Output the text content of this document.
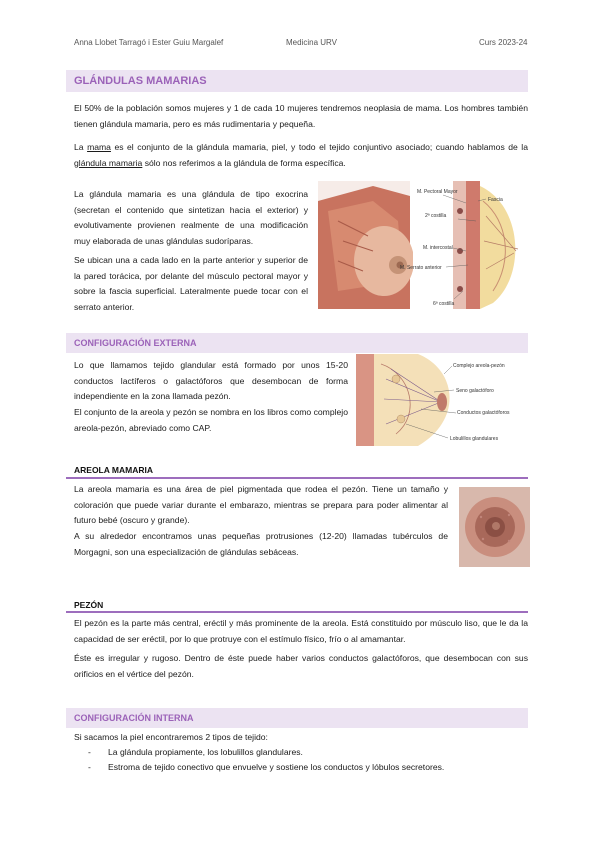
Anna Llobet Tarragó i Ester Guiu Margalef	Medicina URV	Curs 2023-24
GLÁNDULAS MAMARIAS
El 50% de la población somos mujeres y 1 de cada 10 mujeres tendremos neoplasia de mama. Los hombres también tienen glándula mamaria, pero es más rudimentaria y pequeña.
La mama es el conjunto de la glándula mamaria, piel, y todo el tejido conjuntivo asociado; cuando hablamos de la glándula mamaria sólo nos referimos a la glándula de forma específica.
La glándula mamaria es una glándula de tipo exocrina (secretan el contenido que sintetizan hacia el exterior) y evolutivamente provienen realmente de una modificación muy elaborada de unas glándulas sudoríparas.
Se ubican una a cada lado en la parte anterior y superior de la pared torácica, por delante del músculo pectoral mayor y sobre la fascia superficial. Lateralmente puede tocar con el serrato anterior.
M. Pectoral Mayor
Fascia
2ª costilla
M. intercostal
M. Serrato anterior
6ª costilla
CONFIGURACIÓN EXTERNA
Lo que llamamos tejido glandular está formado por unos 15-20 conductos lactíferos o galactóforos que desembocan de forma independiente en la zona llamada pezón.
El conjunto de la areola y pezón se nombra en los libros como complejo areola-pezón, abreviado como CAP.
Complejo areola-pezón
Seno galactóforo
Conductos galactóforos
Lobulillos glandulares
AREOLA MAMARIA
La areola mamaria es una área de piel pigmentada que rodea el pezón. Tiene un tamaño y coloración que puede variar durante el embarazo, mientras se prepara para poder alimentar al futuro bebé (oscuro y grande).
A su alrededor encontramos unas pequeñas protrusiones (12-20) llamadas tubérculos de Morgagni, son una especialización de glándulas sebáceas.
PEZÓN
El pezón es la parte más central, eréctil y más prominente de la areola. Está constituido por músculo liso, que le da la capacidad de ser eréctil, por lo que protruye con el estímulo físico, frío o al amamantar.
Éste es irregular y rugoso. Dentro de éste puede haber varios conductos galactóforos, que desembocan con sus orificios en el vértice del pezón.
CONFIGURACIÓN INTERNA
Si sacamos la piel encontraremos 2 tipos de tejido:
- La glándula propiamente, los lobulillos glandulares.
- Estroma de tejido conectivo que envuelve y sostiene los conductos y lóbulos secretores.
